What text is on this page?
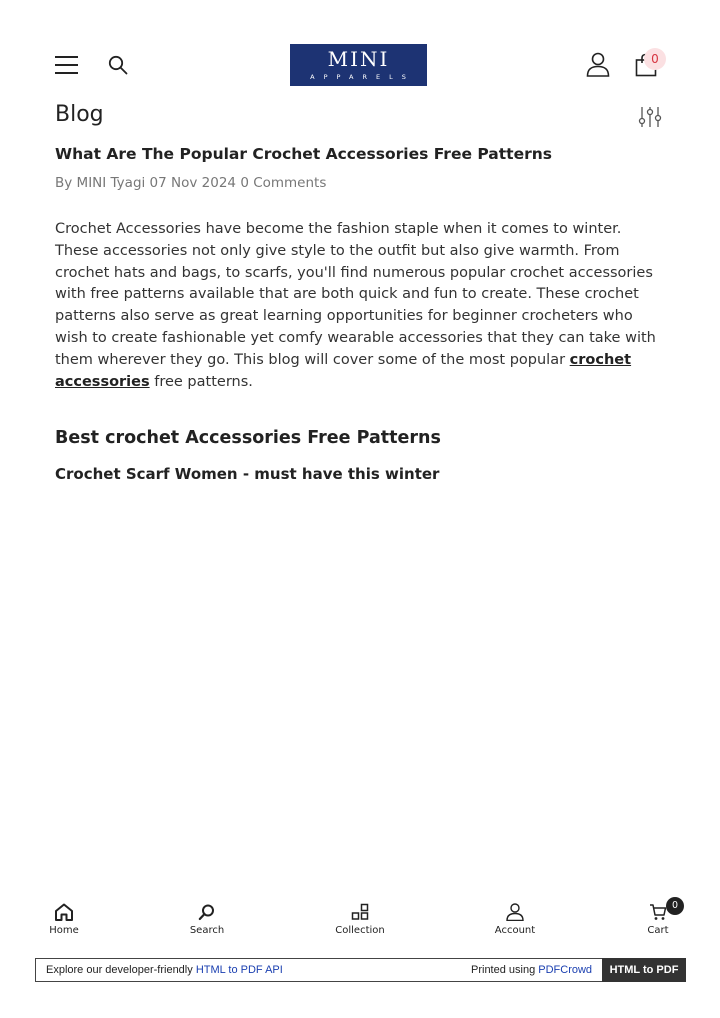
MINI
APPARELS
0
Blog
What Are The Popular Crochet Accessories Free Patterns
By MINI Tyagi 07 Nov 2024 0 Comments

Crochet Accessories have become the fashion staple when it comes to winter. These accessories not only give style to the outfit but also give warmth. From crochet hats and bags, to scarfs, you'll find numerous popular crochet accessories with free patterns available that are both quick and fun to create. These crochet patterns also serve as great learning opportunities for beginner crocheters who wish to create fashionable yet comfy wearable accessories that they can take with them wherever they go. This blog will cover some of the most popular crochet accessories free patterns.

Best crochet Accessories Free Patterns
Crochet Scarf Women - must have this winter
Home	Search	Collection	Account	Cart
0
Explore our developer-friendly HTML to PDF API	Printed using PDFCrowd	HTML to PDF
